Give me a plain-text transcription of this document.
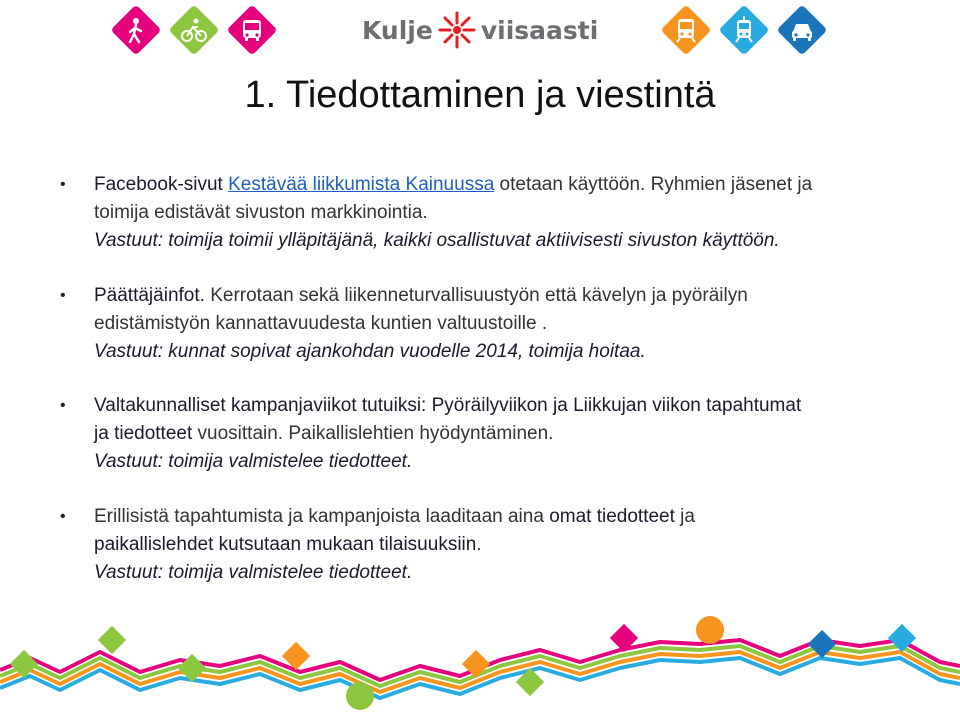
Kulje viisaasti
1. Tiedottaminen ja viestintä
• Facebook-sivut Kestävää liikkumista Kainuussa otetaan käyttöön. Ryhmien jäsenet ja
toimija edistävät sivuston markkinointia.
Vastuut: toimija toimii ylläpitäjänä, kaikki osallistuvat aktiivisesti sivuston käyttöön.
• Päättäjäinfot. Kerrotaan sekä liikenneturvallisuustyön että kävelyn ja pyöräilyn
edistämistyön kannattavuudesta kuntien valtuustoille .
Vastuut: kunnat sopivat ajankohdan vuodelle 2014, toimija hoitaa.
• Valtakunnalliset kampanjaviikot tutuiksi: Pyöräilyviikon ja Liikkujan viikon tapahtumat
ja tiedotteet vuosittain. Paikallislehtien hyödyntäminen.
Vastuut: toimija valmistelee tiedotteet.
• Erillisistä tapahtumista ja kampanjoista laaditaan aina omat tiedotteet ja
paikallislehdet kutsutaan mukaan tilaisuuksiin.
Vastuut: toimija valmistelee tiedotteet.
